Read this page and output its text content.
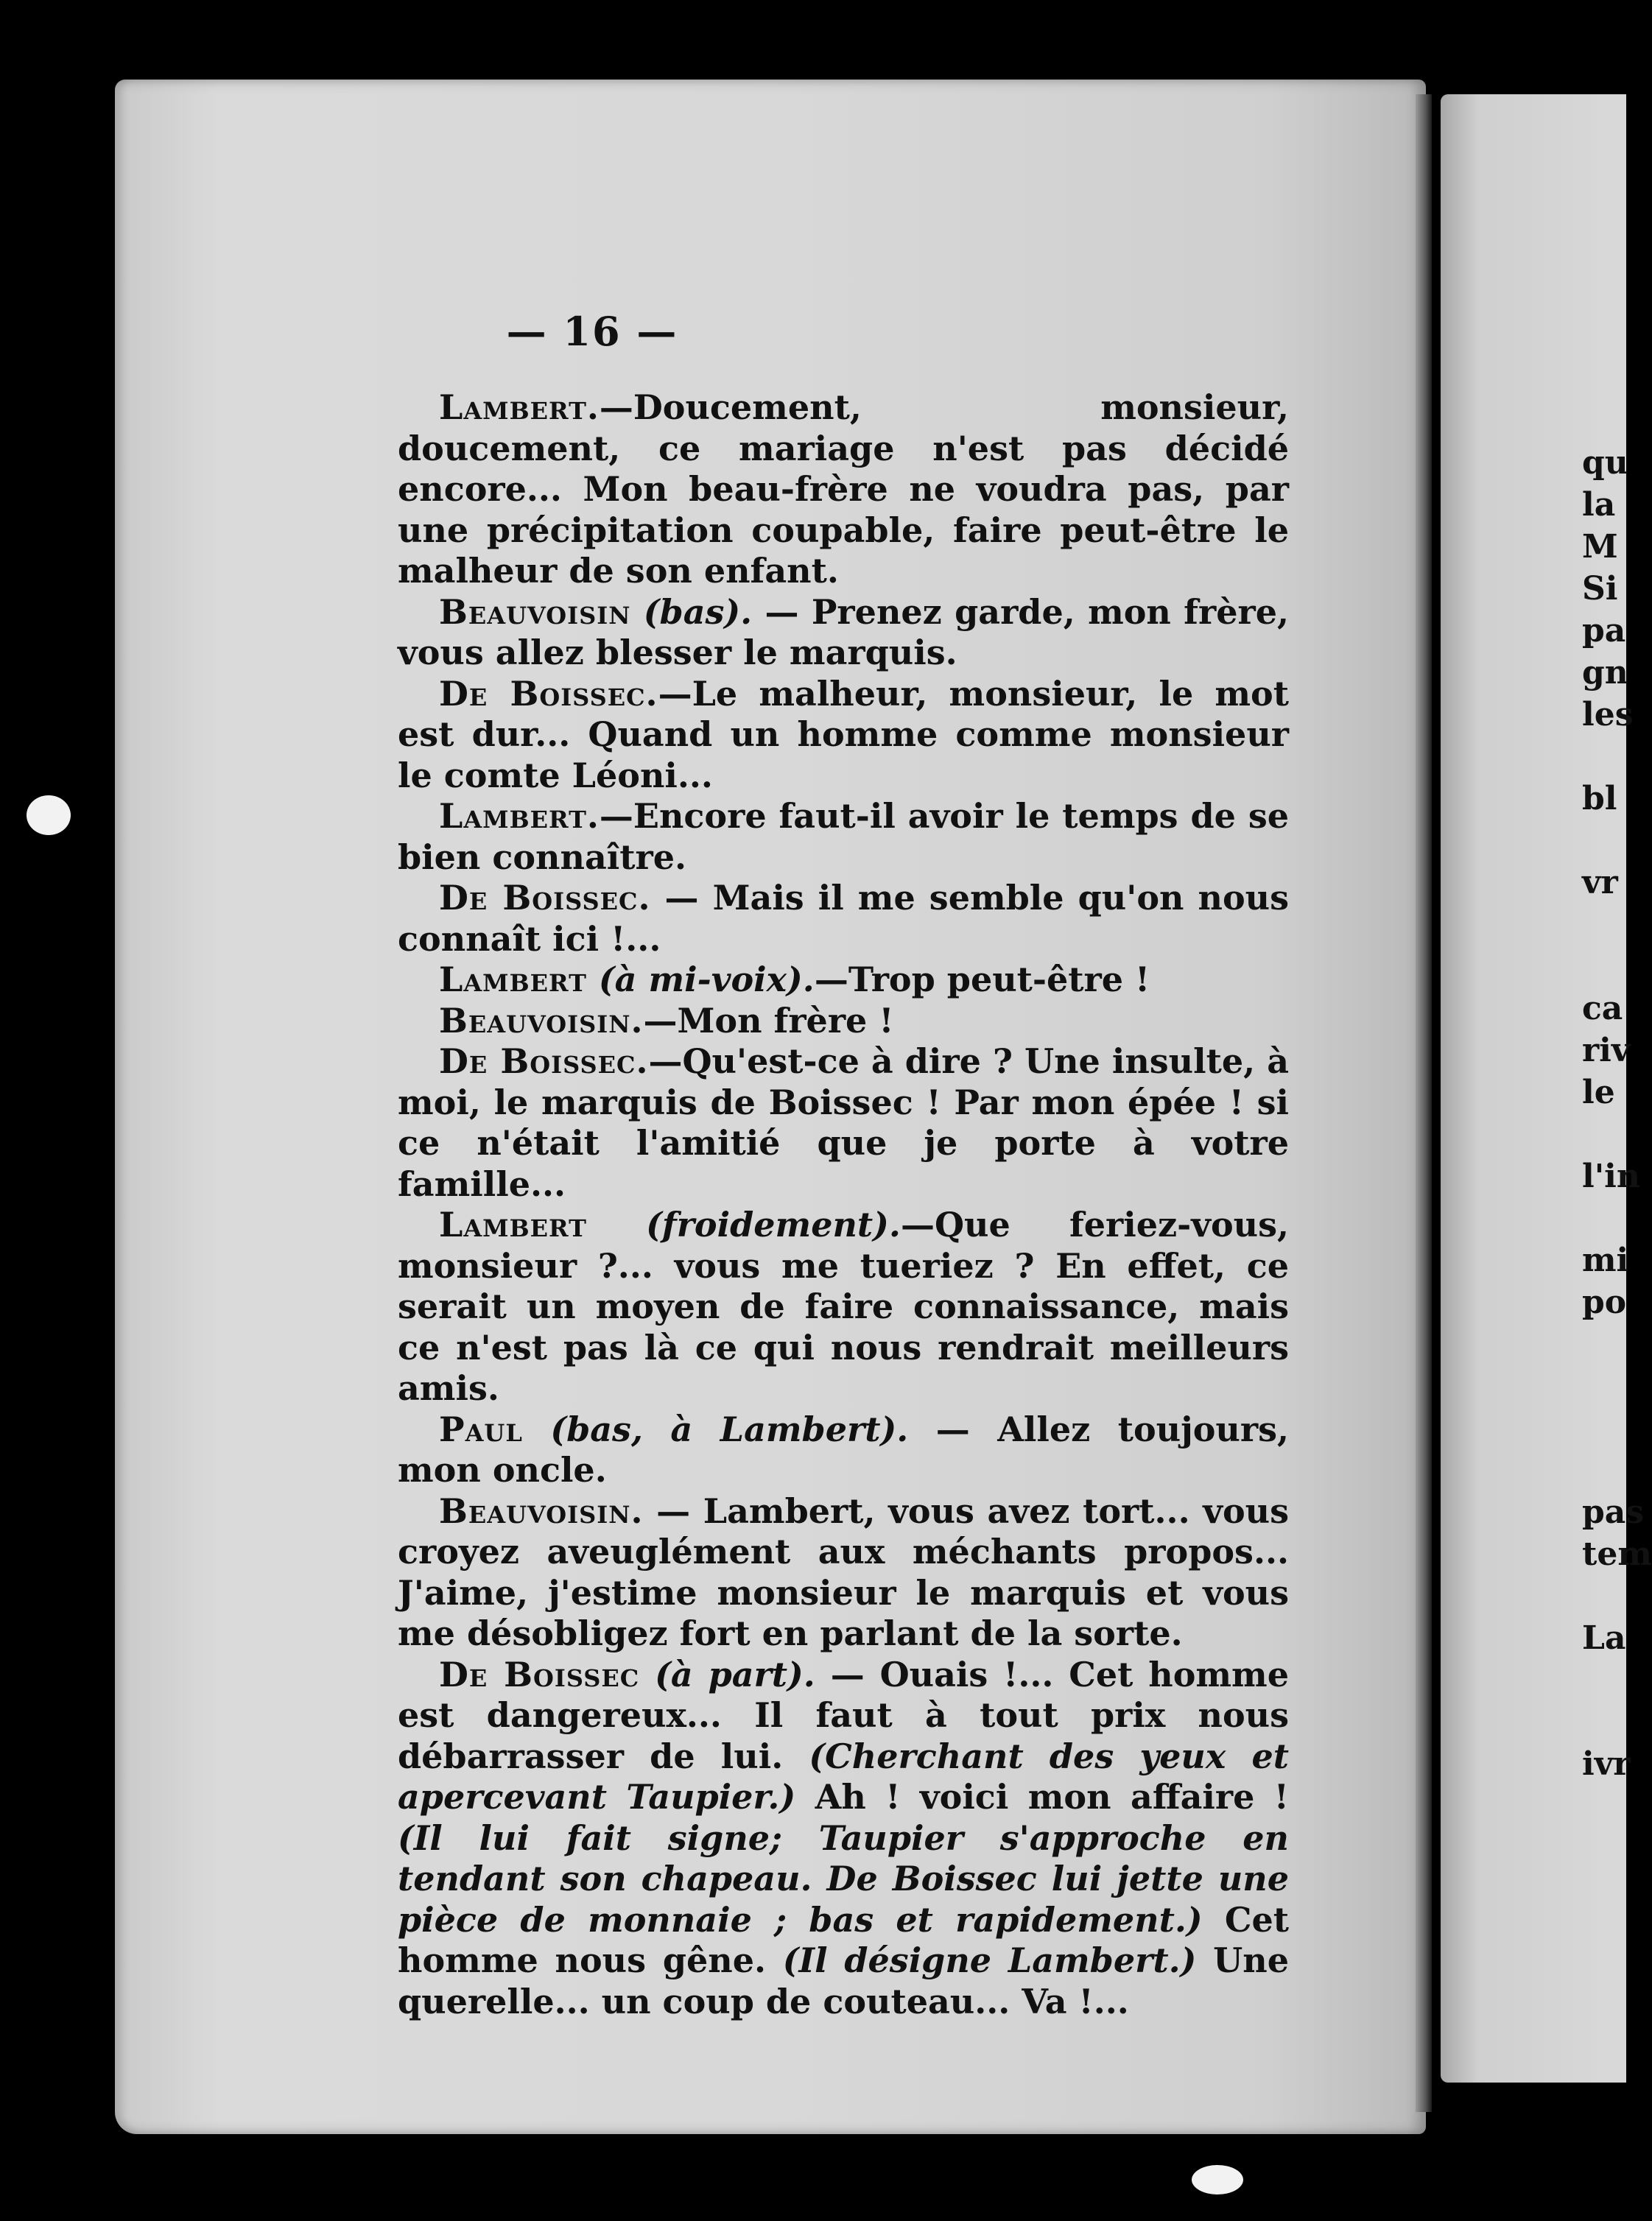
— 16 —

Lambert.—Doucement, monsieur, doucement, ce mariage n'est pas décidé encore... Mon beau-frère ne voudra pas, par une précipitation coupable, faire peut-être le malheur de son enfant.

Beauvoisin (bas). — Prenez garde, mon frère, vous allez blesser le marquis.

De Boissec.—Le malheur, monsieur, le mot est dur... Quand un homme comme monsieur le comte Léoni...

Lambert.—Encore faut-il avoir le temps de se bien connaître.

De Boissec. — Mais il me semble qu'on nous connaît ici !...

Lambert (à mi-voix).—Trop peut-être !

Beauvoisin.—Mon frère !

De Boissec.—Qu'est-ce à dire ? Une insulte, à moi, le marquis de Boissec ! Par mon épée ! si ce n'était l'amitié que je porte à votre famille...

Lambert (froidement).—Que feriez-vous, monsieur ?... vous me tueriez ? En effet, ce serait un moyen de faire connaissance, mais ce n'est pas là ce qui nous rendrait meilleurs amis.

Paul (bas, à Lambert). — Allez toujours, mon oncle.

Beauvoisin. — Lambert, vous avez tort... vous croyez aveuglément aux méchants propos... J'aime, j'estime monsieur le marquis et vous me désobligez fort en parlant de la sorte.

De Boissec (à part). — Ouais !... Cet homme est dangereux... Il faut à tout prix nous débarrasser de lui. (Cherchant des yeux et apercevant Taupier.) Ah ! voici mon affaire ! (Il lui fait signe; Taupier s'approche en tendant son chapeau. De Boissec lui jette une pièce de monnaie ; bas et rapidement.) Cet homme nous gêne. (Il désigne Lambert.) Une querelle... un coup de couteau... Va !...

qu
la
M
Si
pa
gn
les
bl
vr
ca
riv
le
l'in
mi
po
pas
tem
La
ivr
